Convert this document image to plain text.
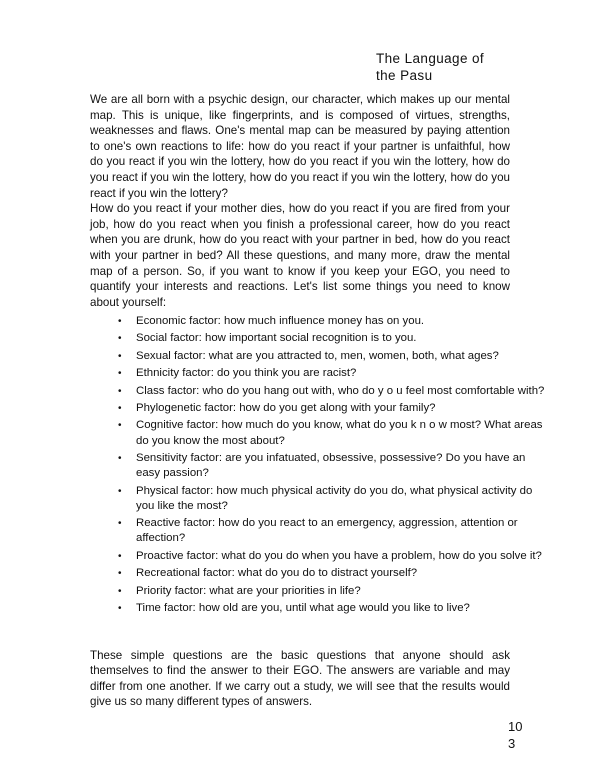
The Language of
the Pasu

We are all born with a psychic design, our character, which makes up our mental map. This is unique, like fingerprints, and is composed of virtues, strengths, weaknesses and flaws. One's mental map can be measured by paying attention to one's own reactions to life: how do you react if your partner is unfaithful, how do you react if you win the lottery, how do you react if you win the lottery, how do you react if you win the lottery, how do you react if you win the lottery, how do you react if you win the lottery?

How do you react if your mother dies, how do you react if you are fired from your job, how do you react when you finish a professional career, how do you react when you are drunk, how do you react with your partner in bed, how do you react with your partner in bed? All these questions, and many more, draw the mental map of a person. So, if you want to know if you keep your EGO, you need to quantify your interests and reactions. Let's list some things you need to know about yourself:

• Economic factor: how much influence money has on you.
• Social factor: how important social recognition is to you.
• Sexual factor: what are you attracted to, men, women, both, what ages?
• Ethnicity factor: do you think you are racist?
• Class factor: who do you hang out with, who do y o u feel most comfortable with?
• Phylogenetic factor: how do you get along with your family?
• Cognitive factor: how much do you know, what do you k n o w most? What areas do you know the most about?
• Sensitivity factor: are you infatuated, obsessive, possessive? Do you have an easy passion?
• Physical factor: how much physical activity do you do, what physical activity do you like the most?
• Reactive factor: how do you react to an emergency, aggression, attention or affection?
• Proactive factor: what do you do when you have a problem, how do you solve it?
• Recreational factor: what do you do to distract yourself?
• Priority factor: what are your priorities in life?
• Time factor: how old are you, until what age would you like to live?

These simple questions are the basic questions that anyone should ask themselves to find the answer to their EGO. The answers are variable and may differ from one another. If we carry out a study, we will see that the results would give us so many different types of answers.

10
3
